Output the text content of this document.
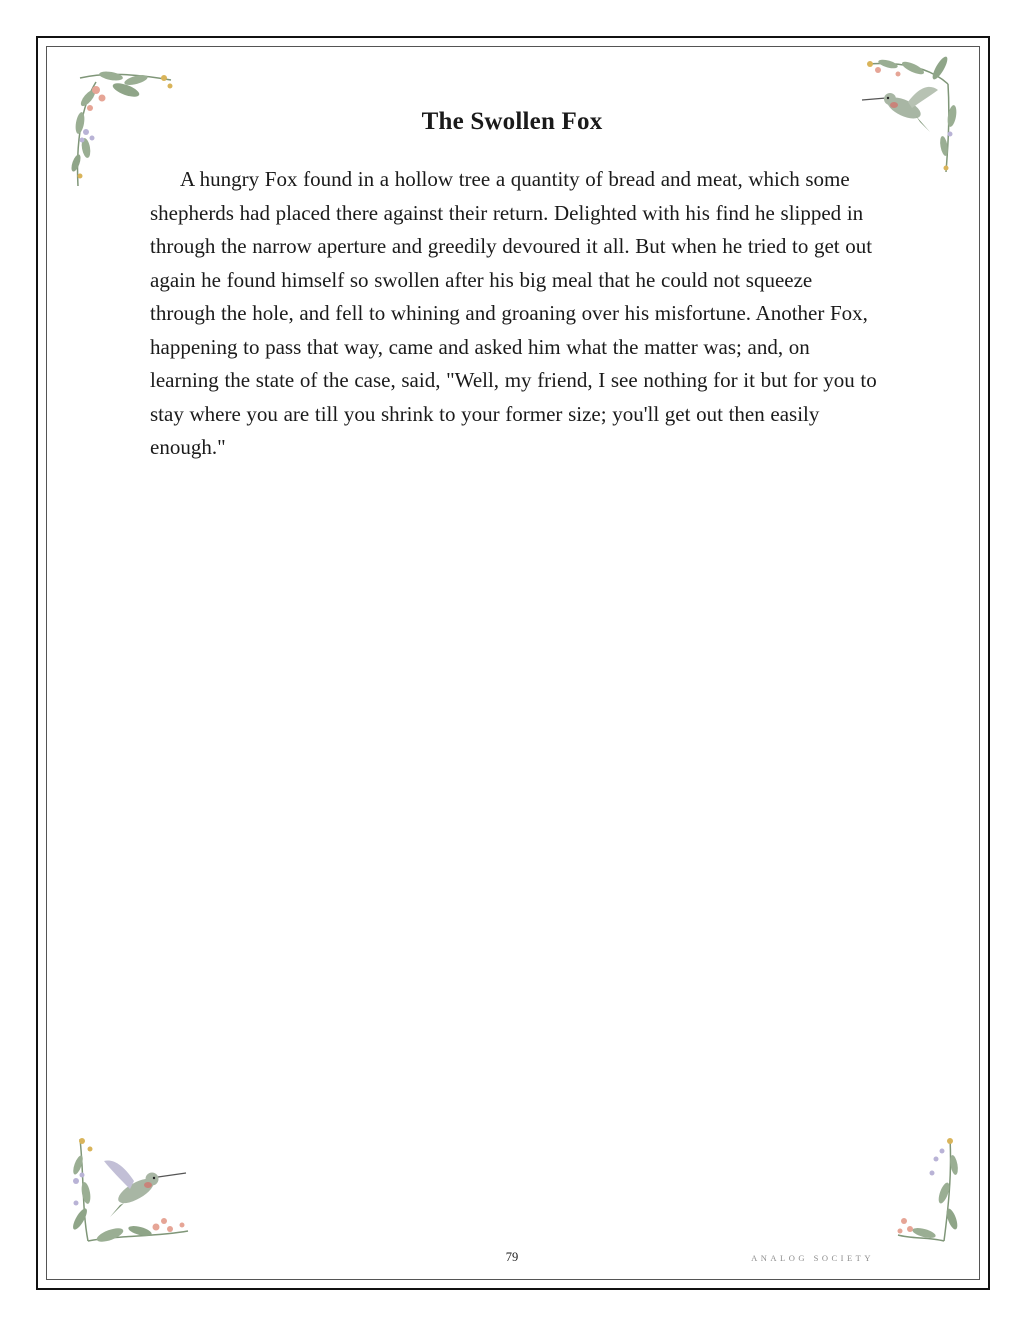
The Swollen Fox

A hungry Fox found in a hollow tree a quantity of bread and meat, which some shepherds had placed there against their return. Delighted with his find he slipped in through the narrow aperture and greedily devoured it all. But when he tried to get out again he found himself so swollen after his big meal that he could not squeeze through the hole, and fell to whining and groaning over his misfortune. Another Fox, happening to pass that way, came and asked him what the matter was; and, on learning the state of the case, said, "Well, my friend, I see nothing for it but for you to stay where you are till you shrink to your former size; you'll get out then easily enough."

79	ANALOG SOCIETY
